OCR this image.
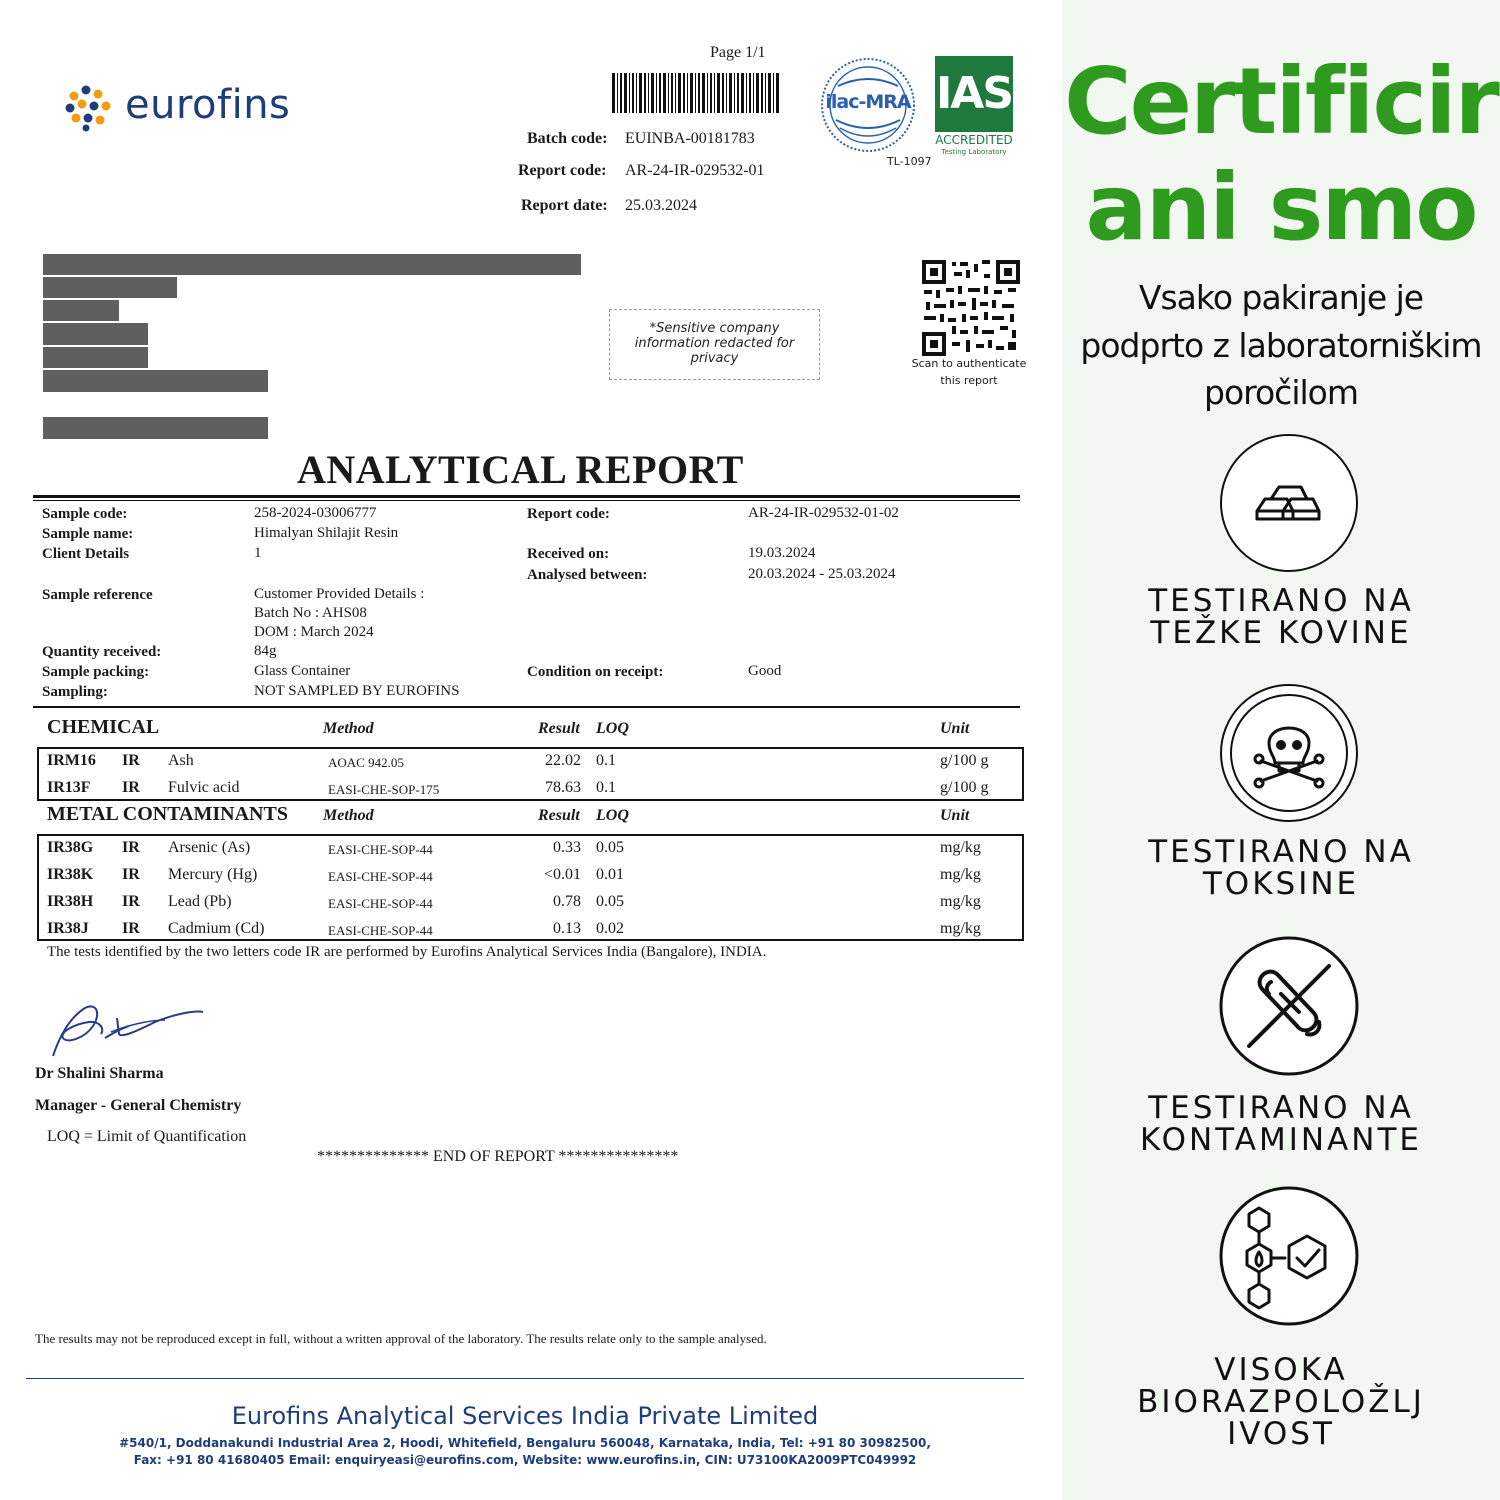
eurofins
Page 1/1
Batch code: EUINBA-00181783
Report code: AR-24-IR-029532-01
Report date: 25.03.2024
ilac-MRA IAS
ACCREDITED
Testing Laboratory
TL-1097
*Sensitive company information redacted for privacy	Scan to authenticate
this report
ANALYTICAL REPORT
Sample code:	258-2024-03006777
Sample name:	Himalyan Shilajit Resin
Client Details	1
Report code:	AR-24-IR-029532-01-02
Received on:	19.03.2024
Analysed between:	20.03.2024 - 25.03.2024
Sample reference	Customer Provided Details :
Batch No : AHS08
DOM : March 2024
Quantity received:	84g
Sample packing:	Glass Container	Condition on receipt:	Good
Sampling:	NOT SAMPLED BY EUROFINS
CHEMICAL	Method	Result LOQ	Unit
IRM16 IR Ash	AOAC 942.05	22.02 0.1	g/100 g
IR13F IR Fulvic acid	EASI-CHE-SOP-175	78.63 0.1	g/100 g
METAL CONTAMINANTS Method	Result LOQ	Unit
IR38G IR Arsenic (As)	EASI-CHE-SOP-44	0.33 0.05	mg/kg
IR38K IR Mercury (Hg)	EASI-CHE-SOP-44	<0.01 0.01	mg/kg
IR38H IR Lead (Pb)	EASI-CHE-SOP-44	0.78 0.05	mg/kg
IR38J IR Cadmium (Cd)	EASI-CHE-SOP-44	0.13 0.02	mg/kg
The tests identified by the two letters code IR are performed by Eurofins Analytical Services India (Bangalore), INDIA.
Dr Shalini Sharma
Manager - General Chemistry
LOQ = Limit of Quantification
************** END OF REPORT ***************
The results may not be reproduced except in full, without a written approval of the laboratory. The results relate only to the sample analysed.
Eurofins Analytical Services India Private Limited
#540/1, Doddanakundi Industrial Area 2, Hoodi, Whitefield, Bengaluru 560048, Karnataka, India, Tel: +91 80 30982500,
Fax: +91 80 41680405 Email: enquiryeasi@eurofins.com, Website: www.eurofins.in, CIN: U73100KA2009PTC049992
Certificir
ani smo
Vsako pakiranje je
podprto z laboratorniškim
poročilom
TESTIRANO NA
TEŽKE KOVINE
TESTIRANO NA
TOKSINE
TESTIRANO NA
KONTAMINANTE
VISOKA
BIORAZPOLOŽLJ
IVOST
